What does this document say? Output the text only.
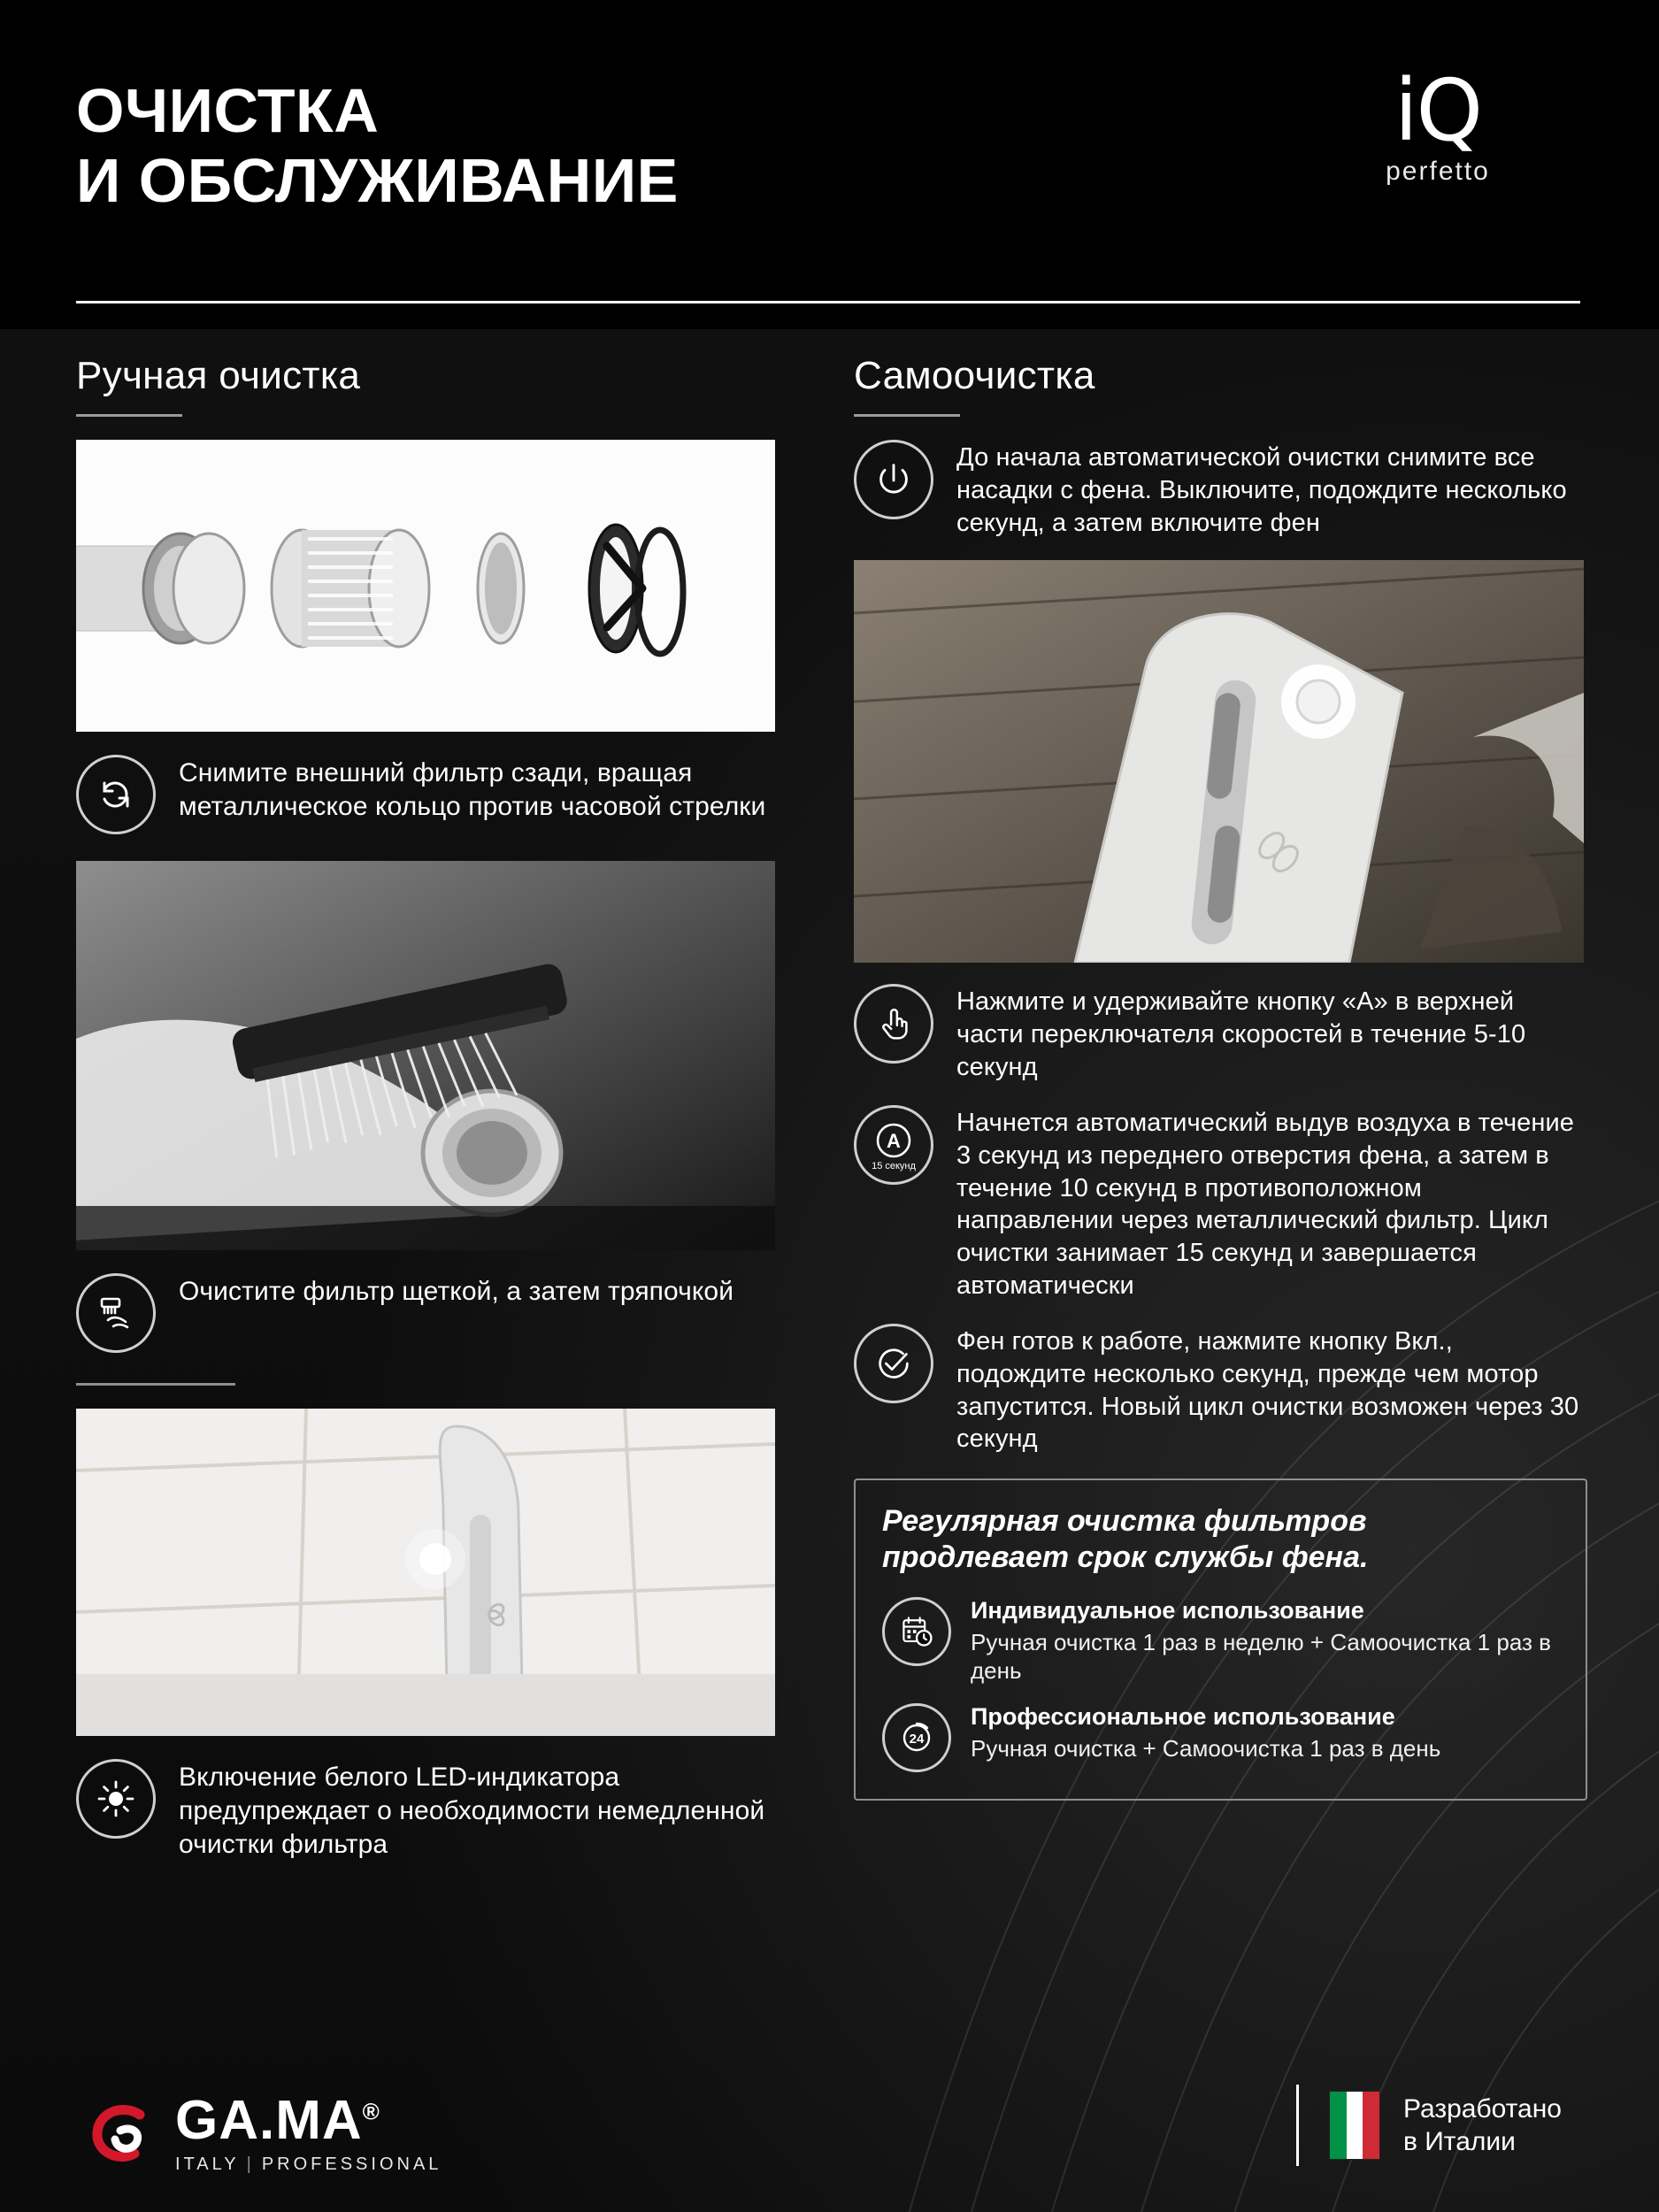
ОЧИСТКА
И ОБСЛУЖИВАНИЕ
iQ
perfetto
Ручная очистка
Снимите внешний фильтр сзади, вращая металлическое кольцо против часовой стрелки
Очистите фильтр щеткой, а затем тряпочкой
Включение белого LED-индикатора предупреждает о необходимости немедленной очистки фильтра
Самоочистка
До начала автоматической очистки снимите все насадки с фена. Выключите, подождите несколько секунд, а затем включите фен
Нажмите и удерживайте кнопку «А» в верхней части переключателя скоростей в течение 5-10 секунд
A
15 секунд
Начнется автоматический выдув воздуха в течение 3 секунд из переднего отверстия фена, а затем в течение 10 секунд в противоположном направлении через металлический фильтр. Цикл очистки занимает 15 секунд и завершается автоматически
Фен готов к работе, нажмите кнопку Вкл., подождите несколько секунд, прежде чем мотор запустится. Новый цикл очистки возможен через 30 секунд
Регулярная очистка фильтров продлевает срок службы фена.
Индивидуальное использование
Ручная очистка 1 раз в неделю + Самоочистка 1 раз в день
24
Профессиональное использование
Ручная очистка + Самоочистка 1 раз в день
GA.MA®
ITALY | PROFESSIONAL
Разработано
в Италии
